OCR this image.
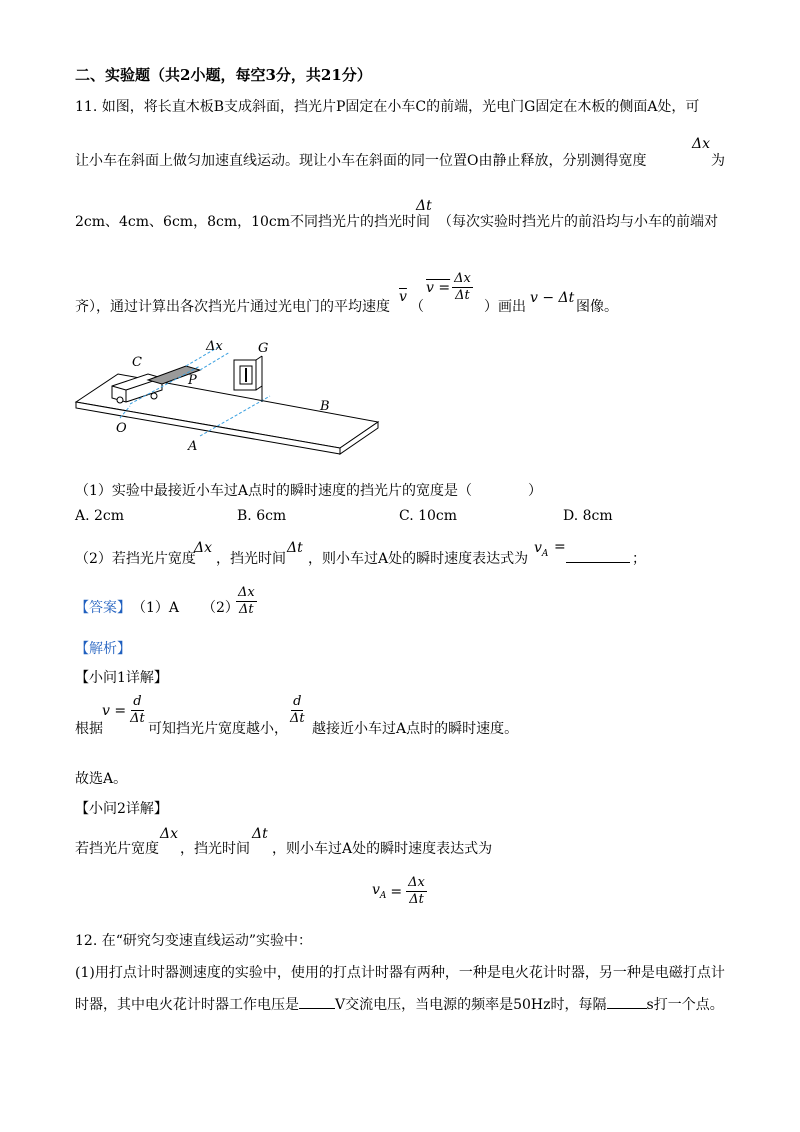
二、实验题（共2小题，每空3分，共21分）
11. 如图，将长直木板B支成斜面，挡光片P固定在小车C的前端，光电门G固定在木板的侧面A处，可
让小车在斜面上做匀加速直线运动。现让小车在斜面的同一位置O由静止释放，分别测得宽度
Δx
为
2cm、4cm、6cm，8cm，10cm不同挡光片的挡光时间
Δt
（每次实验时挡光片的前沿均与小车的前端对
齐），通过计算出各次挡光片通过光电门的平均速度
$\overline{v}$
（
$v = \frac{\Delta x}{\Delta t}$
）画出
v − Δt
图像。
C
Δx	G
P
B
O
A
（1）实验中最接近小车过A点时的瞬时速度的挡光片的宽度是（　　　　）
A. 2cm	B. 6cm	C. 10cm	D. 8cm
（2）若挡光片宽度
Δx
，挡光时间
Δt
，则小车过A处的瞬时速度表达式为
$v_A$ =
；
【答案】 （1）A （2）
$\frac{\Delta x}{\Delta t}$
【解析】
【小问1详解】
根据
$v = \frac{d}{\Delta t}$
可知挡光片宽度越小，
$\frac{d}{\Delta t}$
越接近小车过A点时的瞬时速度。
故选A。
【小问2详解】
若挡光片宽度
Δx
，挡光时间
Δt
，则小车过A处的瞬时速度表达式为
$v_A = \frac{\Delta x}{\Delta t}$
12. 在“研究匀变速直线运动”实验中：
(1)用打点计时器测速度的实验中，使用的打点计时器有两种，一种是电火花计时器，另一种是电磁打点计
时器，其中电火花计时器工作电压是	V交流电压，当电源的频率是50Hz时，每隔	s打一个点。
